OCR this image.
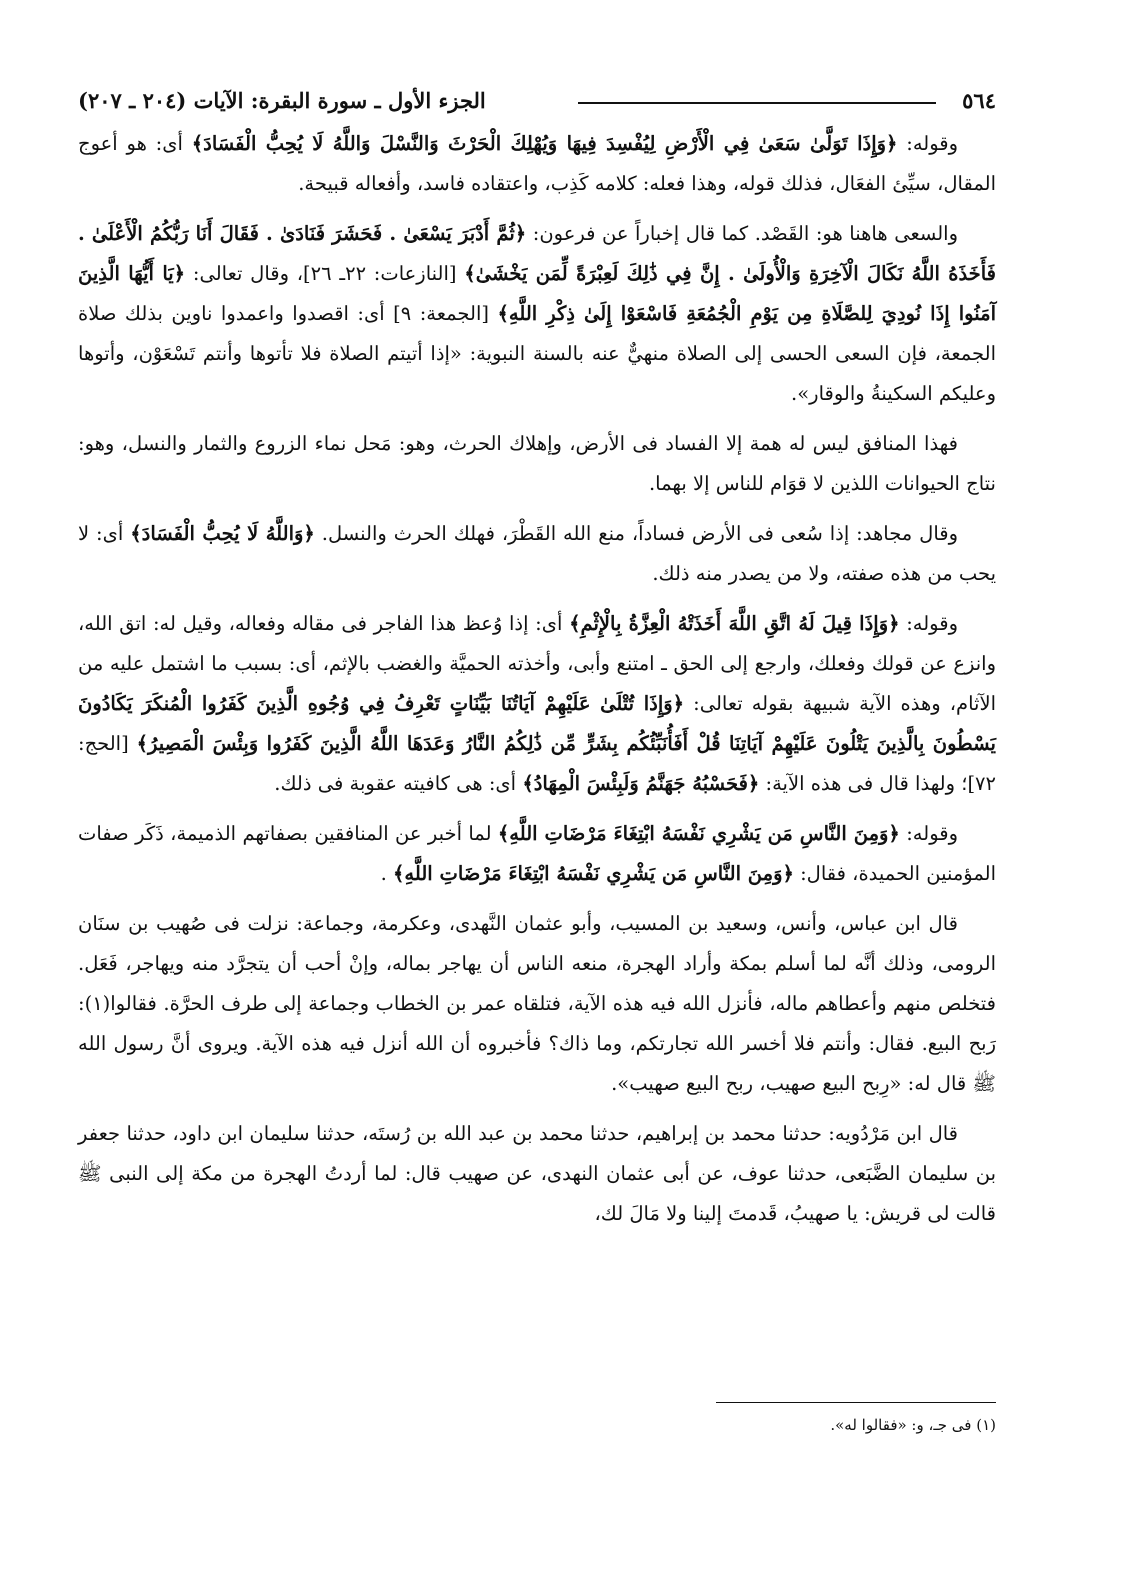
٥٦٤
الجزء الأول ـ سورة البقرة: الآيات (٢٠٤ ـ ٢٠٧)

وقوله: ﴿وَإِذَا تَوَلَّىٰ سَعَىٰ فِي الْأَرْضِ لِيُفْسِدَ فِيهَا وَيُهْلِكَ الْحَرْثَ وَالنَّسْلَ وَاللَّهُ لَا يُحِبُّ الْفَسَادَ﴾ أى: هو أعوج المقال، سيِّئ الفعَال، فذلك قوله، وهذا فعله: كلامه كَذِب، واعتقاده فاسد، وأفعاله قبيحة.

والسعى هاهنا هو: القَصْد. كما قال إخباراً عن فرعون: ﴿ثُمَّ أَدْبَرَ يَسْعَىٰ . فَحَشَرَ فَنَادَىٰ . فَقَالَ أَنَا رَبُّكُمُ الْأَعْلَىٰ . فَأَخَذَهُ اللَّهُ نَكَالَ الْآخِرَةِ وَالْأُولَىٰ . إِنَّ فِي ذَٰلِكَ لَعِبْرَةً لِّمَن يَخْشَىٰ﴾ [النازعات: ٢٢ـ ٢٦]، وقال تعالى: ﴿يَا أَيُّهَا الَّذِينَ آمَنُوا إِذَا نُودِيَ لِلصَّلَاةِ مِن يَوْمِ الْجُمُعَةِ فَاسْعَوْا إِلَىٰ ذِكْرِ اللَّهِ﴾ [الجمعة: ٩] أى: اقصدوا واعمدوا ناوين بذلك صلاة الجمعة، فإن السعى الحسى إلى الصلاة منهيٌّ عنه بالسنة النبوية: «إذا أتيتم الصلاة فلا تأتوها وأنتم تَسْعَوْن، وأتوها وعليكم السكينةُ والوقار».

فهذا المنافق ليس له همة إلا الفساد فى الأرض، وإهلاك الحرث، وهو: مَحل نماء الزروع والثمار والنسل، وهو: نتاج الحيوانات اللذين لا قوَام للناس إلا بهما.

وقال مجاهد: إذا سُعى فى الأرض فساداً، منع الله القَطْرَ، فهلك الحرث والنسل. ﴿وَاللَّهُ لَا يُحِبُّ الْفَسَادَ﴾ أى: لا يحب من هذه صفته، ولا من يصدر منه ذلك.

وقوله: ﴿وَإِذَا قِيلَ لَهُ اتَّقِ اللَّهَ أَخَذَتْهُ الْعِزَّةُ بِالْإِثْمِ﴾ أى: إذا وُعظ هذا الفاجر فى مقاله وفعاله، وقيل له: اتق الله، وانزع عن قولك وفعلك، وارجع إلى الحق ـ امتنع وأبى، وأخذته الحميَّة والغضب بالإثم، أى: بسبب ما اشتمل عليه من الآثام، وهذه الآية شبيهة بقوله تعالى: ﴿وَإِذَا تُتْلَىٰ عَلَيْهِمْ آيَاتُنَا بَيِّنَاتٍ تَعْرِفُ فِي وُجُوهِ الَّذِينَ كَفَرُوا الْمُنكَرَ يَكَادُونَ يَسْطُونَ بِالَّذِينَ يَتْلُونَ عَلَيْهِمْ آيَاتِنَا قُلْ أَفَأُنَبِّئُكُم بِشَرٍّ مِّن ذَٰلِكُمُ النَّارُ وَعَدَهَا اللَّهُ الَّذِينَ كَفَرُوا وَبِئْسَ الْمَصِيرُ﴾ [الحج: ٧٢]؛ ولهذا قال فى هذه الآية: ﴿فَحَسْبُهُ جَهَنَّمُ وَلَبِئْسَ الْمِهَادُ﴾ أى: هى كافيته عقوبة فى ذلك.

وقوله: ﴿وَمِنَ النَّاسِ مَن يَشْرِي نَفْسَهُ ابْتِغَاءَ مَرْضَاتِ اللَّهِ﴾ لما أخبر عن المنافقين بصفاتهم الذميمة، ذَكَر صفات المؤمنين الحميدة، فقال: ﴿وَمِنَ النَّاسِ مَن يَشْرِي نَفْسَهُ ابْتِغَاءَ مَرْضَاتِ اللَّهِ﴾ .

قال ابن عباس، وأنس، وسعيد بن المسيب، وأبو عثمان النَّهدى، وعكرمة، وجماعة: نزلت فى صُهيب بن سنَان الرومى، وذلك أنَّه لما أسلم بمكة وأراد الهجرة، منعه الناس أن يهاجر بماله، وإنْ أحب أن يتجرَّد منه ويهاجر، فَعَل. فتخلص منهم وأعطاهم ماله، فأنزل الله فيه هذه الآية، فتلقاه عمر بن الخطاب وجماعة إلى طرف الحرَّة. فقالوا(١): رَبح البيع. فقال: وأنتم فلا أخسر الله تجارتكم، وما ذاك؟ فأخبروه أن الله أنزل فيه هذه الآية. ويروى أنَّ رسول الله ﷺ قال له: «رِبح البيع صهيب، ربح البيع صهيب».

قال ابن مَرْدُويه: حدثنا محمد بن إبراهيم، حدثنا محمد بن عبد الله بن رُستَه، حدثنا سليمان ابن داود، حدثنا جعفر بن سليمان الضَّبَعى، حدثنا عوف، عن أبى عثمان النهدى، عن صهيب قال: لما أردتُ الهجرة من مكة إلى النبى ﷺ قالت لى قريش: يا صهيبُ، قَدمتَ إلينا ولا مَالَ لك،

(١) فى جـ، و: «فقالوا له».
